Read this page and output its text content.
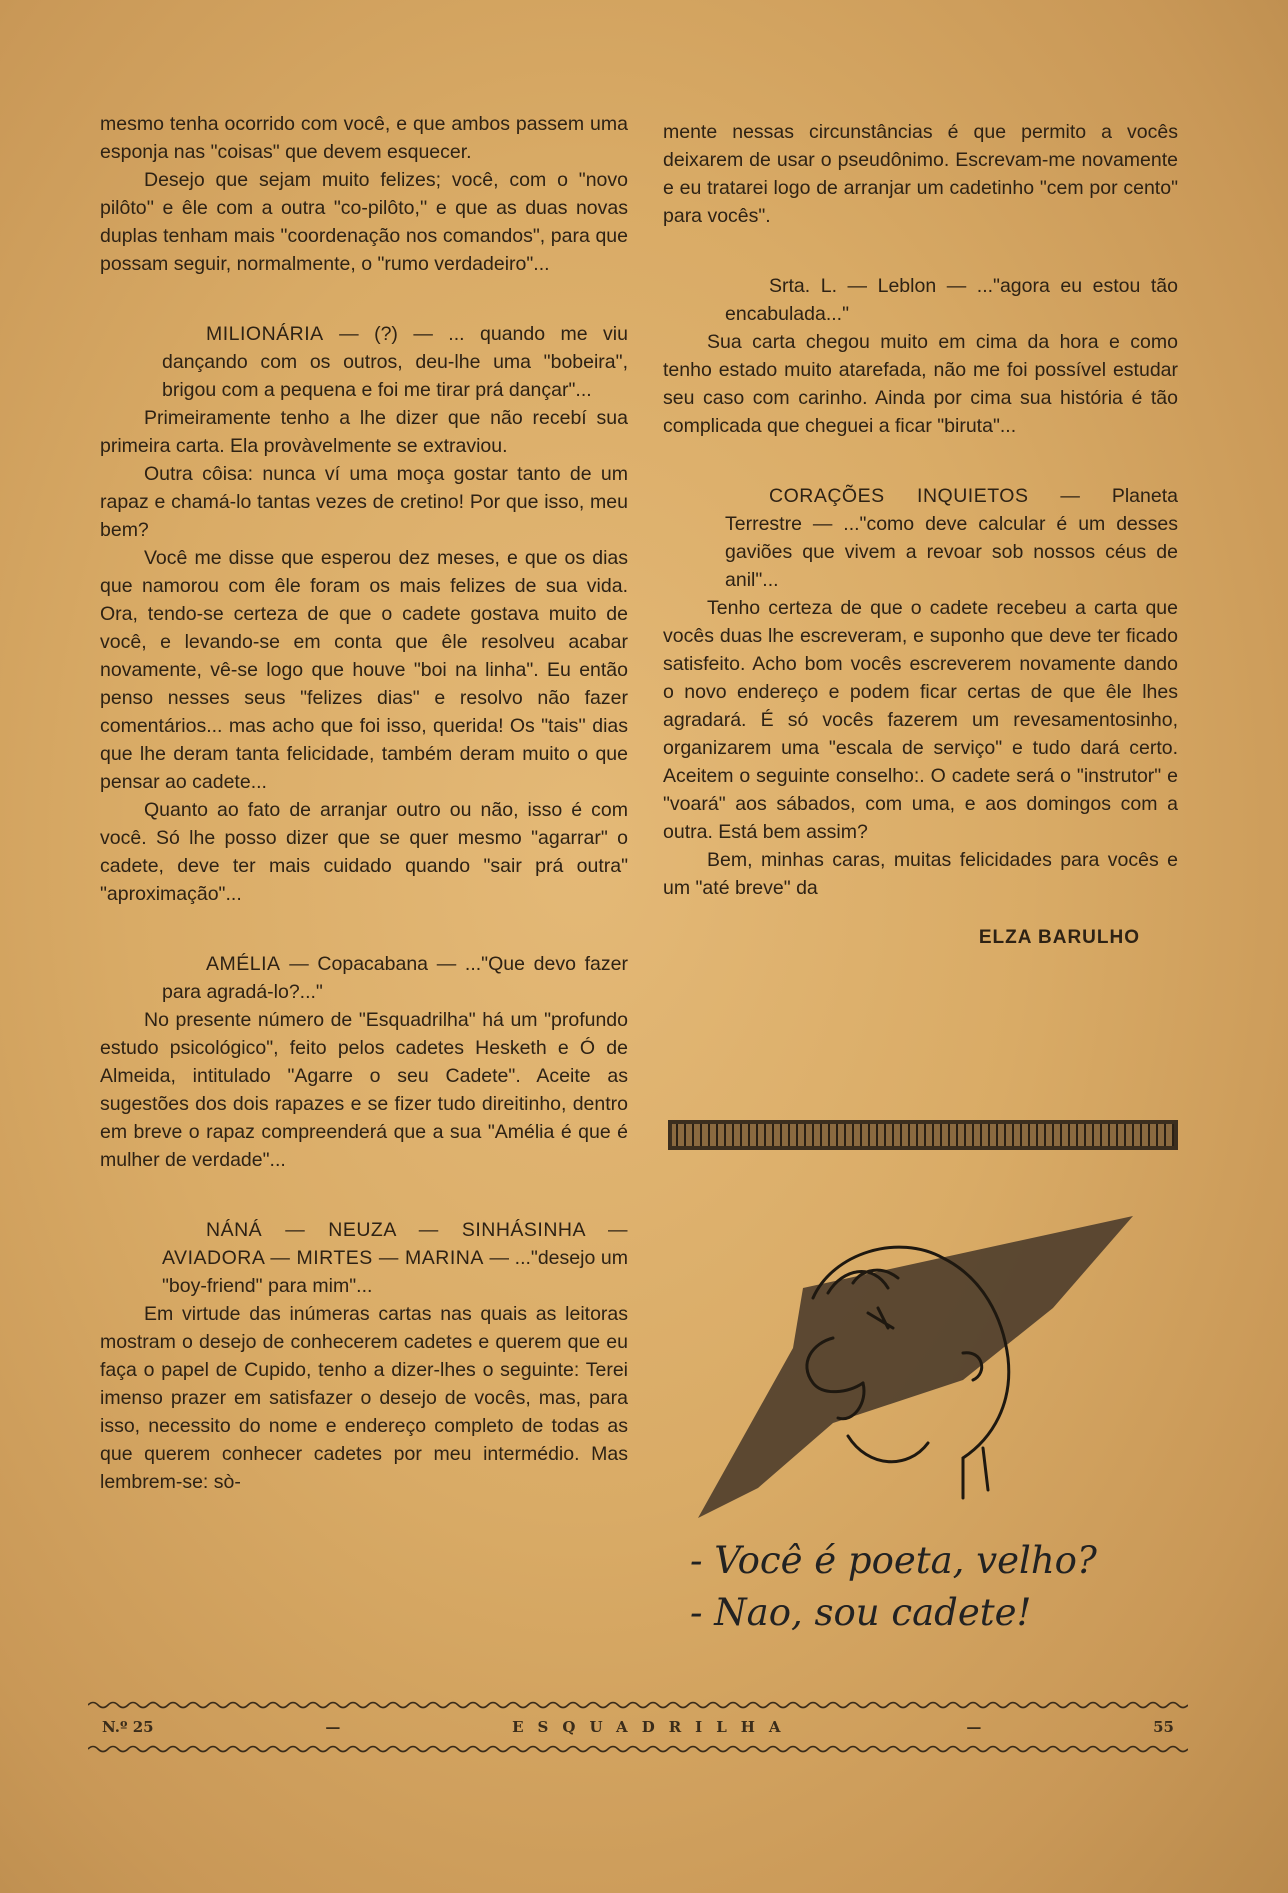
mesmo tenha ocorrido com você, e que ambos passem uma esponja nas "coisas" que devem esquecer.

Desejo que sejam muito felizes; você, com o "novo pilôto'' e êle com a outra "co-pilôto,'' e que as duas novas duplas tenham mais "coordenação nos comandos", para que possam seguir, normalmente, o "rumo verdadeiro"...

MILIONÁRIA — (?) — ... quando me viu dançando com os outros, deu-lhe uma "bobeira", brigou com a pequena e foi me tirar prá dançar"...

Primeiramente tenho a lhe dizer que não recebí sua primeira carta. Ela provàvelmente se extraviou.

Outra côisa: nunca ví uma moça gostar tanto de um rapaz e chamá-lo tantas vezes de cretino! Por que isso, meu bem?

Você me disse que esperou dez meses, e que os dias que namorou com êle foram os mais felizes de sua vida. Ora, tendo-se certeza de que o cadete gostava muito de você, e levando-se em conta que êle resolveu acabar novamente, vê-se logo que houve "boi na linha". Eu então penso nesses seus "felizes dias" e resolvo não fazer comentários... mas acho que foi isso, querida! Os "tais'' dias que lhe deram tanta felicidade, também deram muito o que pensar ao cadete...

Quanto ao fato de arranjar outro ou não, isso é com você. Só lhe posso dizer que se quer mesmo "agarrar" o cadete, deve ter mais cuidado quando "sair prá outra" "aproximação"...

AMÉLIA — Copacabana — ..."Que devo fazer para agradá-lo?..."

No presente número de "Esquadrilha" há um "profundo estudo psicológico", feito pelos cadetes Hesketh e Ó de Almeida, intitulado "Agarre o seu Cadete". Aceite as sugestões dos dois rapazes e se fizer tudo direitinho, dentro em breve o rapaz compreenderá que a sua "Amélia é que é mulher de verdade"...

NÁNÁ — NEUZA — SINHÁSINHA — AVIADORA — MIRTES — MARINA — ..."desejo um "boy-friend" para mim"...

Em virtude das inúmeras cartas nas quais as leitoras mostram o desejo de conhecerem cadetes e querem que eu faça o papel de Cupido, tenho a dizer-lhes o seguinte: Terei imenso prazer em satisfazer o desejo de vocês, mas, para isso, necessito do nome e endereço completo de todas as que querem conhecer cadetes por meu intermédio. Mas lembrem-se: sò-

mente nessas circunstâncias é que permito a vocês deixarem de usar o pseudônimo. Escrevam-me novamente e eu tratarei logo de arranjar um cadetinho "cem por cento" para vocês".

Srta. L. — Leblon — ..."agora eu estou tão encabulada..."

Sua carta chegou muito em cima da hora e como tenho estado muito atarefada, não me foi possível estudar seu caso com carinho. Ainda por cima sua história é tão complicada que cheguei a ficar "biruta"...

CORAÇÕES INQUIETOS — Planeta Terrestre — ..."como deve calcular é um desses gaviões que vivem a revoar sob nossos céus de anil"...

Tenho certeza de que o cadete recebeu a carta que vocês duas lhe escreveram, e suponho que deve ter ficado satisfeito. Acho bom vocês escreverem novamente dando o novo endereço e podem ficar certas de que êle lhes agradará. É só vocês fazerem um revesamentosinho, organizarem uma "escala de serviço" e tudo dará certo. Aceitem o seguinte conselho:. O cadete será o "instrutor" e "voará" aos sábados, com uma, e aos domingos com a outra. Está bem assim?

Bem, minhas caras, muitas felicidades para vocês e um "até breve" da

ELZA BARULHO
- Você é poeta, velho?
- Nao, sou cadete!
N.º 25	—	ESQUADRILHA	—	55
